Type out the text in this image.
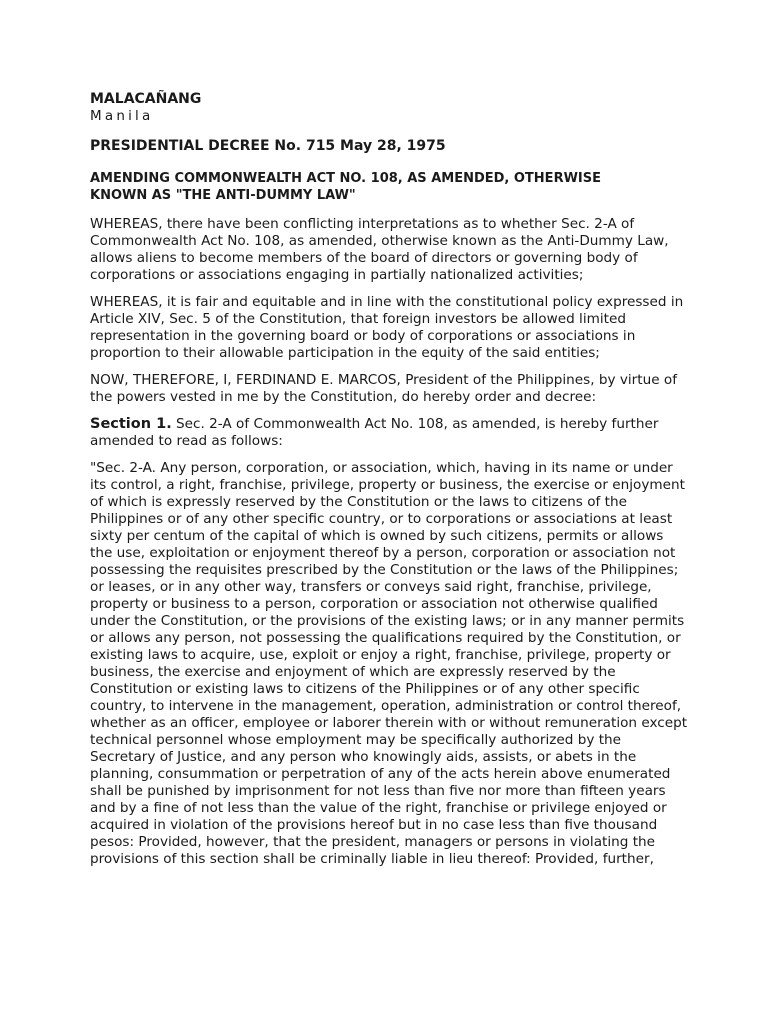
MALACAÑANG

Manila

PRESIDENTIAL DECREE No. 715 May 28, 1975

AMENDING COMMONWEALTH ACT NO. 108, AS AMENDED, OTHERWISE KNOWN AS "THE ANTI-DUMMY LAW"

WHEREAS, there have been conflicting interpretations as to whether Sec. 2-A of Commonwealth Act No. 108, as amended, otherwise known as the Anti-Dummy Law, allows aliens to become members of the board of directors or governing body of corporations or associations engaging in partially nationalized activities;

WHEREAS, it is fair and equitable and in line with the constitutional policy expressed in Article XIV, Sec. 5 of the Constitution, that foreign investors be allowed limited representation in the governing board or body of corporations or associations in proportion to their allowable participation in the equity of the said entities;

NOW, THEREFORE, I, FERDINAND E. MARCOS, President of the Philippines, by virtue of the powers vested in me by the Constitution, do hereby order and decree:

Section 1. Sec. 2-A of Commonwealth Act No. 108, as amended, is hereby further amended to read as follows:

"Sec. 2-A. Any person, corporation, or association, which, having in its name or under its control, a right, franchise, privilege, property or business, the exercise or enjoyment of which is expressly reserved by the Constitution or the laws to citizens of the Philippines or of any other specific country, or to corporations or associations at least sixty per centum of the capital of which is owned by such citizens, permits or allows the use, exploitation or enjoyment thereof by a person, corporation or association not possessing the requisites prescribed by the Constitution or the laws of the Philippines; or leases, or in any other way, transfers or conveys said right, franchise, privilege, property or business to a person, corporation or association not otherwise qualified under the Constitution, or the provisions of the existing laws; or in any manner permits or allows any person, not possessing the qualifications required by the Constitution, or existing laws to acquire, use, exploit or enjoy a right, franchise, privilege, property or business, the exercise and enjoyment of which are expressly reserved by the Constitution or existing laws to citizens of the Philippines or of any other specific country, to intervene in the management, operation, administration or control thereof, whether as an officer, employee or laborer therein with or without remuneration except technical personnel whose employment may be specifically authorized by the Secretary of Justice, and any person who knowingly aids, assists, or abets in the planning, consummation or perpetration of any of the acts herein above enumerated shall be punished by imprisonment for not less than five nor more than fifteen years and by a fine of not less than the value of the right, franchise or privilege enjoyed or acquired in violation of the provisions hereof but in no case less than five thousand pesos: Provided, however, that the president, managers or persons in violating the provisions of this section shall be criminally liable in lieu thereof: Provided, further,
